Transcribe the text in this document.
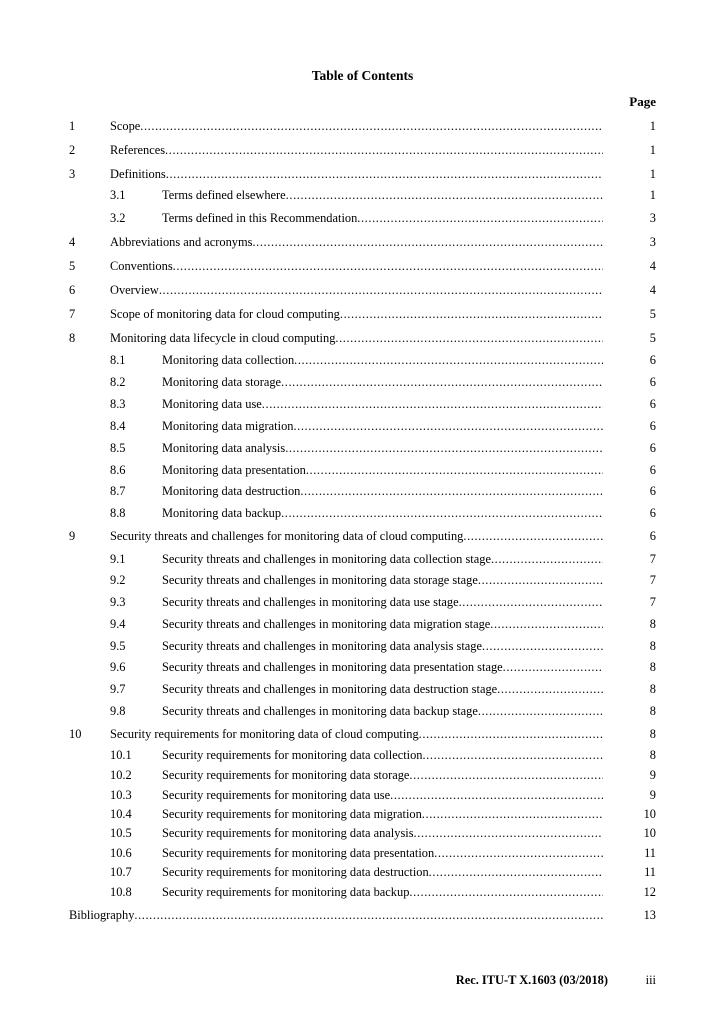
Table of Contents
Page
1	Scope .....	1
2	References .....	1
3	Definitions .....	1
3.1	Terms defined elsewhere .....	1
3.2	Terms defined in this Recommendation .....	3
4	Abbreviations and acronyms .....	3
5	Conventions .....	4
6	Overview .....	4
7	Scope of monitoring data for cloud computing .....	5
8	Monitoring data lifecycle in cloud computing .....	5
8.1	Monitoring data collection .....	6
8.2	Monitoring data storage .....	6
8.3	Monitoring data use .....	6
8.4	Monitoring data migration .....	6
8.5	Monitoring data analysis .....	6
8.6	Monitoring data presentation .....	6
8.7	Monitoring data destruction .....	6
8.8	Monitoring data backup .....	6
9	Security threats and challenges for monitoring data of cloud computing .....	6
9.1	Security threats and challenges in monitoring data collection stage .....	7
9.2	Security threats and challenges in monitoring data storage stage .....	7
9.3	Security threats and challenges in monitoring data use stage .....	7
9.4	Security threats and challenges in monitoring data migration stage .....	8
9.5	Security threats and challenges in monitoring data analysis stage .....	8
9.6	Security threats and challenges in monitoring data presentation stage .....	8
9.7	Security threats and challenges in monitoring data destruction stage .....	8
9.8	Security threats and challenges in monitoring data backup stage .....	8
10 Security requirements for monitoring data of cloud computing .....	8
10.1 Security requirements for monitoring data collection .....	8
10.2 Security requirements for monitoring data storage .....	9
10.3 Security requirements for monitoring data use .....	9
10.4 Security requirements for monitoring data migration .....	10
10.5 Security requirements for monitoring data analysis .....	10
10.6 Security requirements for monitoring data presentation .....	11
10.7 Security requirements for monitoring data destruction .....	11
10.8 Security requirements for monitoring data backup .....	12
Bibliography .....	13
Rec. ITU-T X.1603 (03/2018)	iii
